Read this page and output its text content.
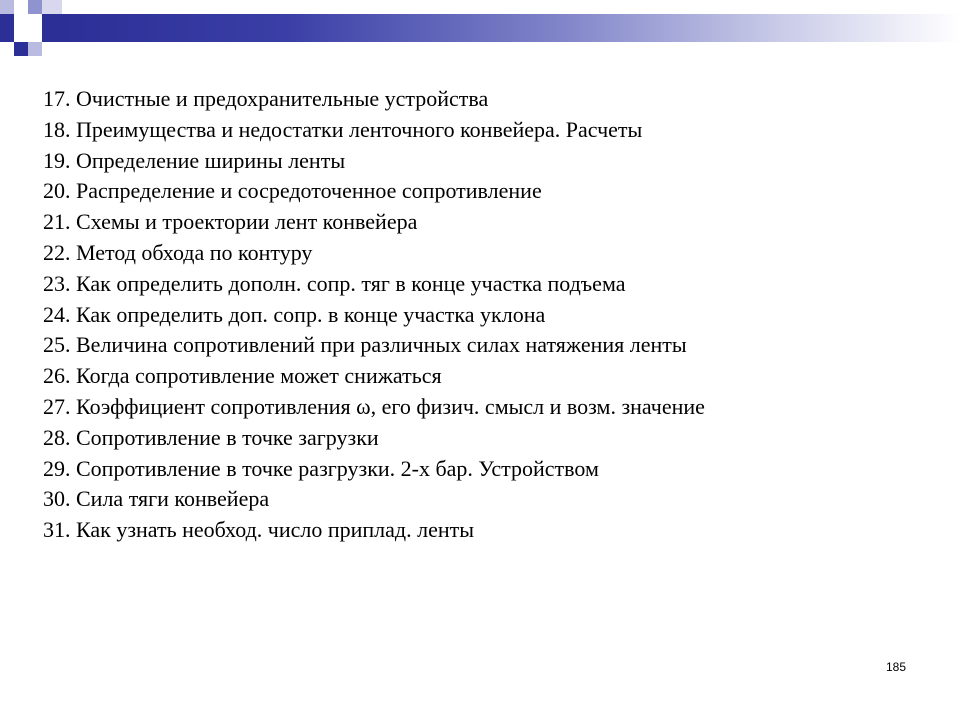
17. Очистные и предохранительные устройства
18. Преимущества и недостатки ленточного конвейера. Расчеты
19. Определение ширины ленты
20. Распределение и сосредоточенное сопротивление
21. Схемы и троектории лент конвейера
22. Метод обхода по контуру
23. Как определить дополн. сопр. тяг в конце участка подъема
24. Как определить доп. сопр. в конце участка уклона
25. Величина сопротивлений при различных силах натяжения ленты
26. Когда сопротивление может снижаться
27. Коэффициент сопротивления ω, его физич. смысл и возм. значение
28. Сопротивление в точке загрузки
29. Сопротивление в точке разгрузки. 2-х бар. Устройством
30. Сила тяги конвейера
31. Как узнать необход. число приплад. ленты
185
